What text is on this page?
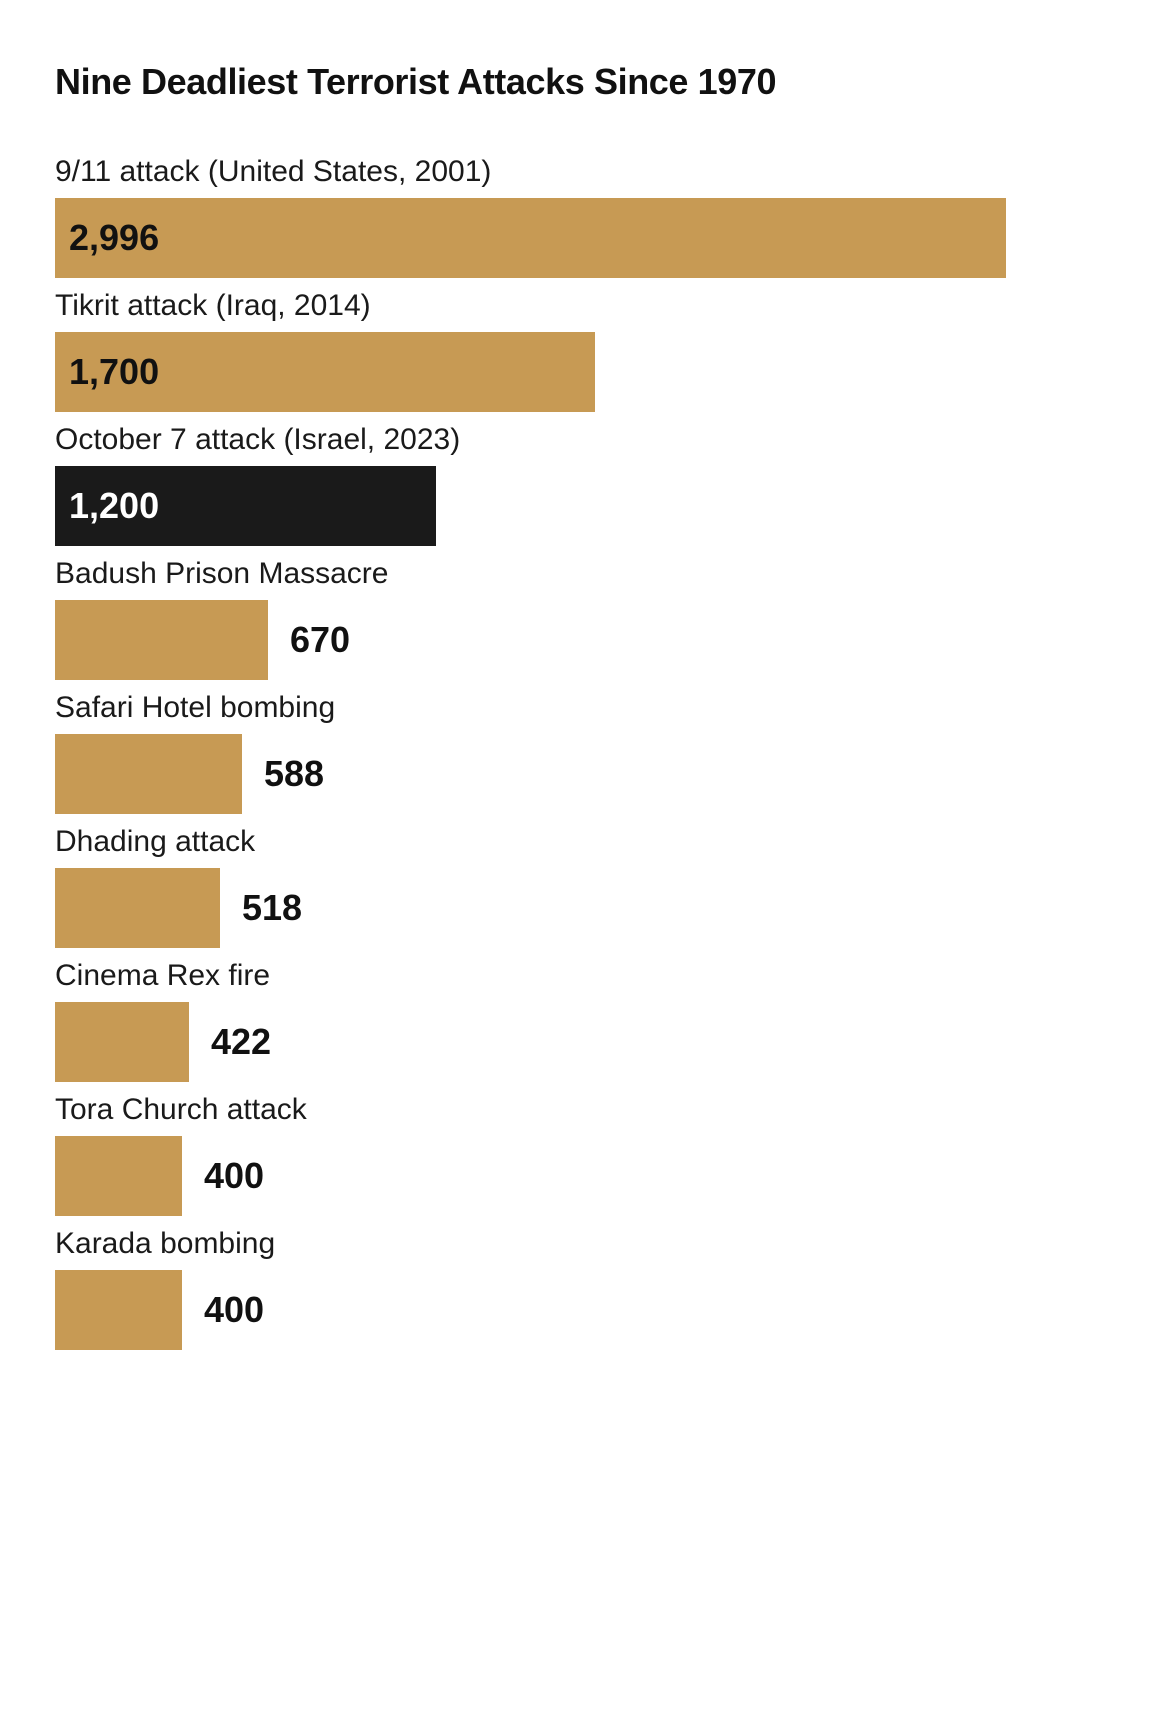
Nine Deadliest Terrorist Attacks Since 1970
9/11 attack (United States, 2001)
2,996
Tikrit attack (Iraq, 2014)
1,700
October 7 attack (Israel, 2023)
1,200
Badush Prison Massacre
670
Safari Hotel bombing
588
Dhading attack
518
Cinema Rex fire
422
Tora Church attack
400
Karada bombing
400
